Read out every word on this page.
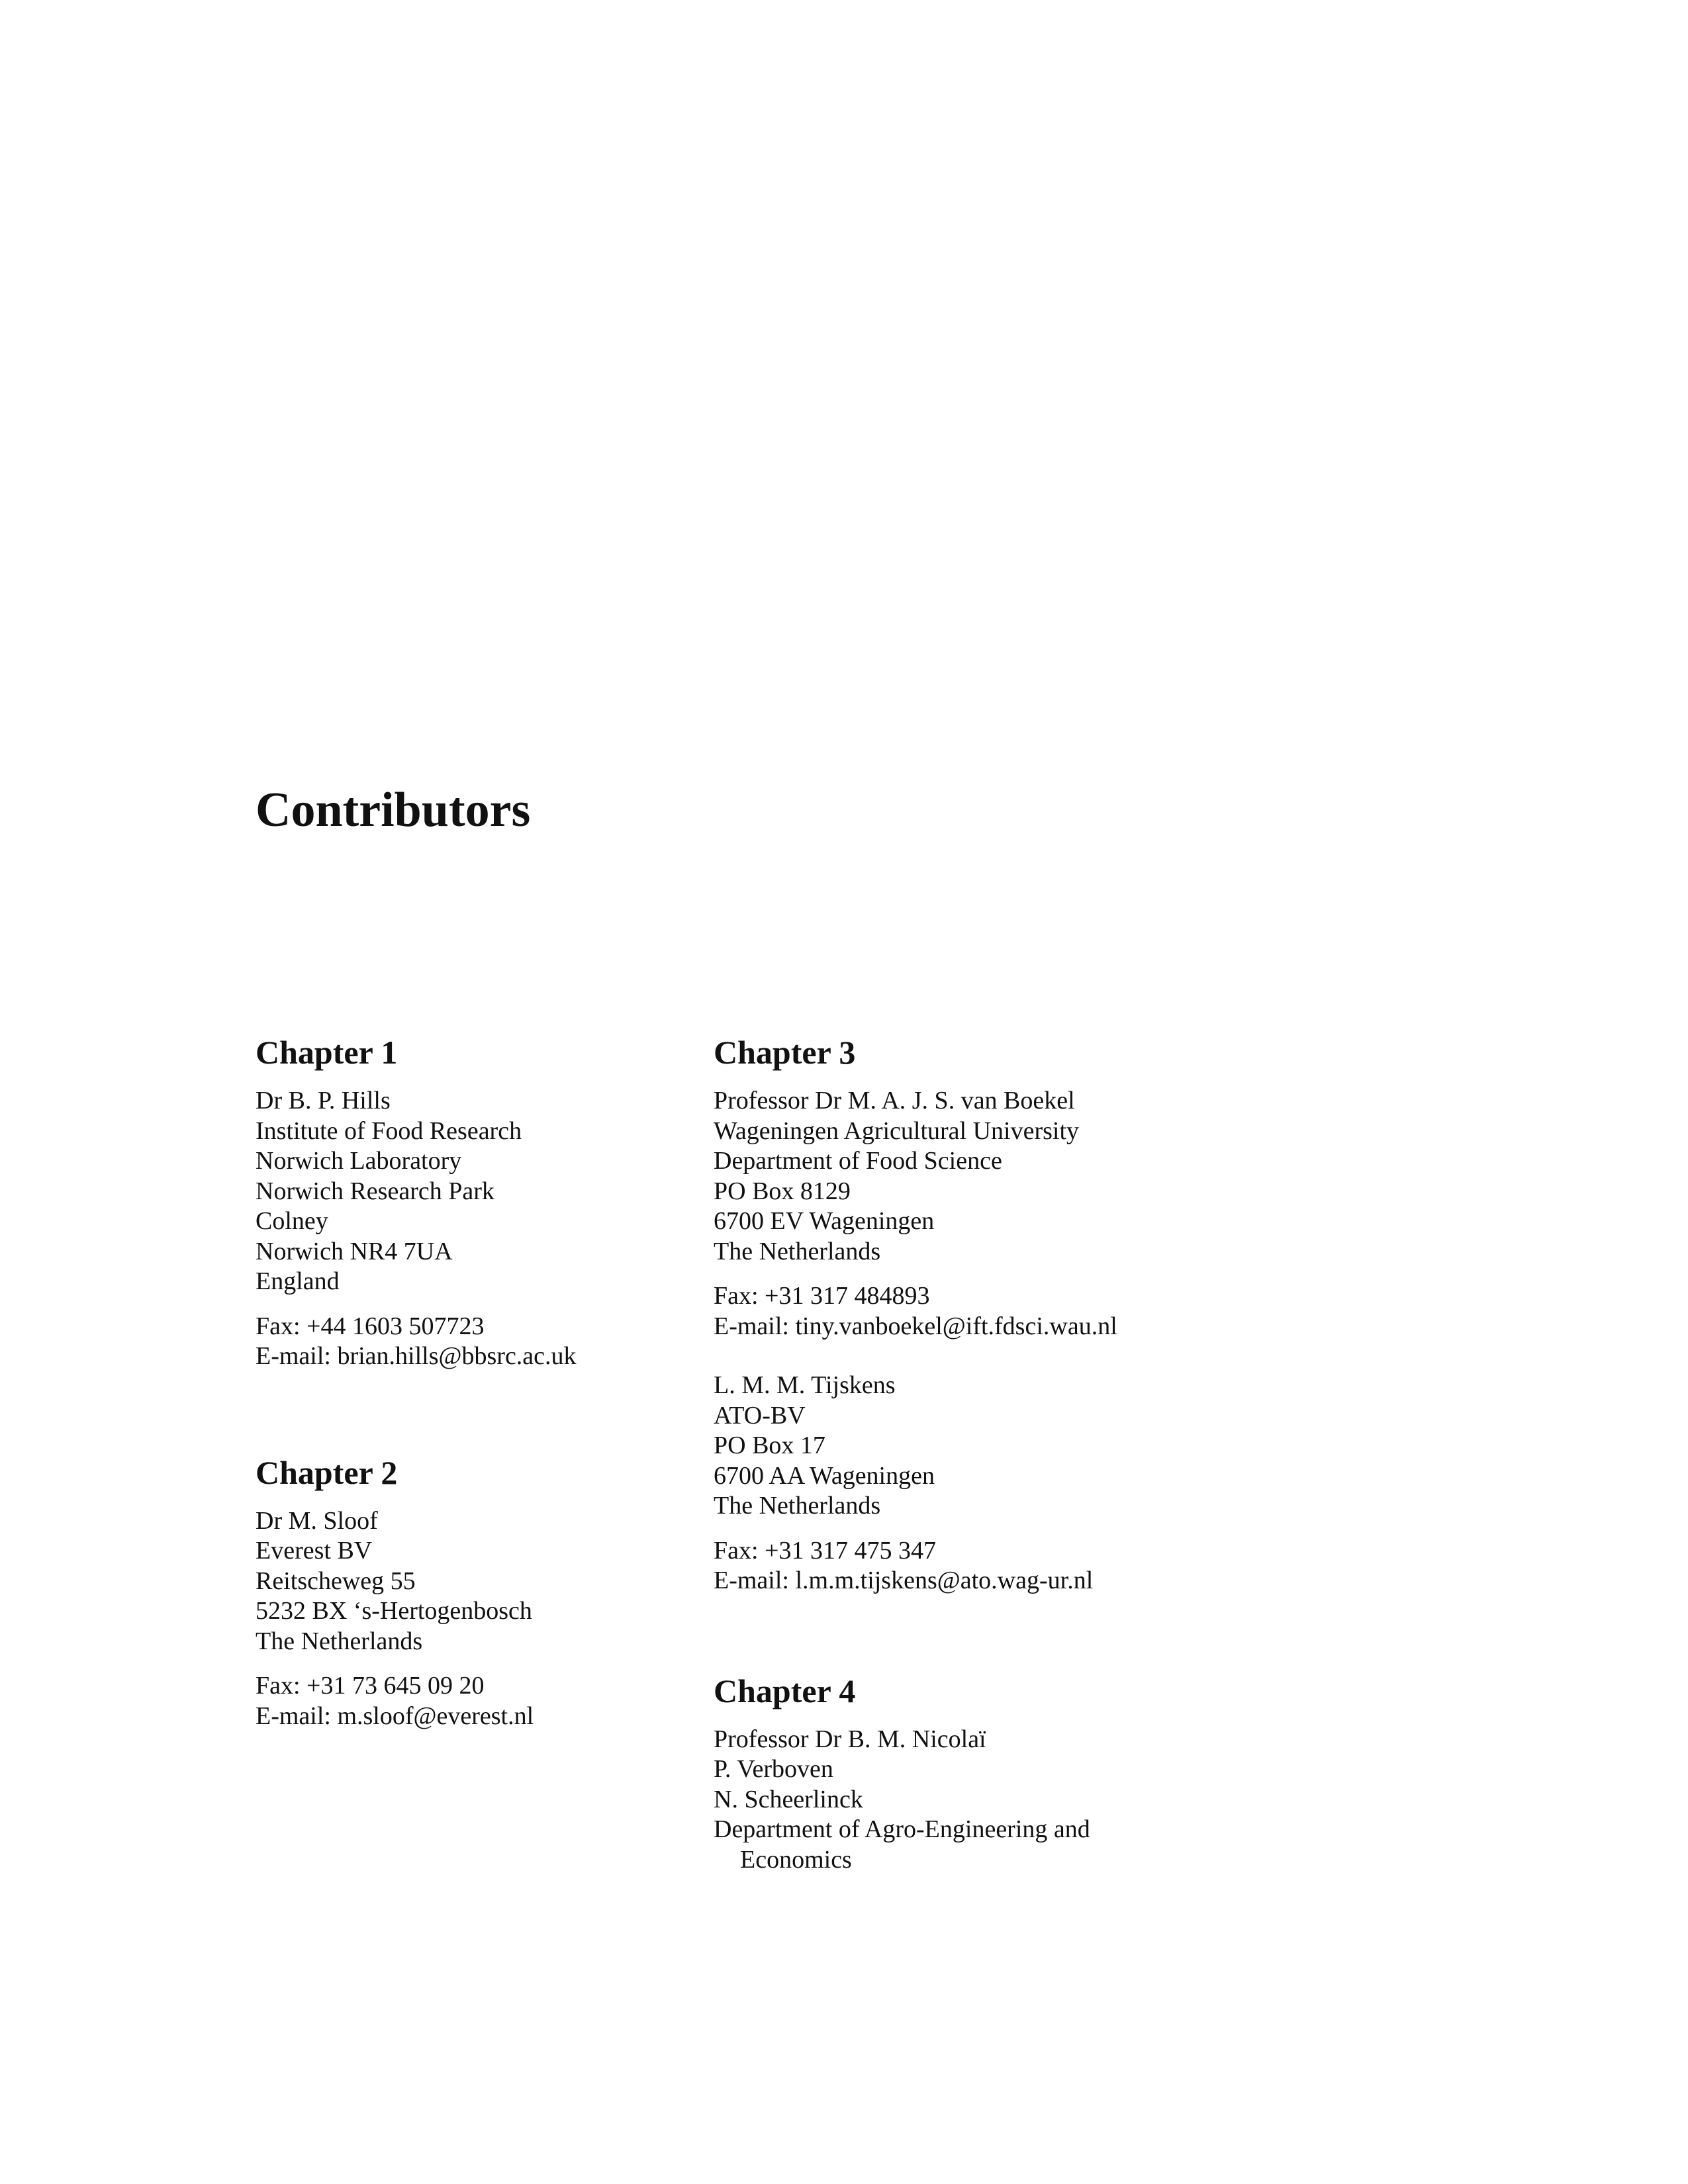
Contributors
Chapter 1
Dr B. P. Hills
Institute of Food Research
Norwich Laboratory
Norwich Research Park
Colney
Norwich NR4 7UA
England
Fax: +44 1603 507723
E-mail: brian.hills@bbsrc.ac.uk
Chapter 2
Dr M. Sloof
Everest BV
Reitscheweg 55
5232 BX ‘s-Hertogenbosch
The Netherlands
Fax: +31 73 645 09 20
E-mail: m.sloof@everest.nl
Chapter 3
Professor Dr M. A. J. S. van Boekel
Wageningen Agricultural University
Department of Food Science
PO Box 8129
6700 EV Wageningen
The Netherlands
Fax: +31 317 484893
E-mail: tiny.vanboekel@ift.fdsci.wau.nl
L. M. M. Tijskens
ATO-BV
PO Box 17
6700 AA Wageningen
The Netherlands
Fax: +31 317 475 347
E-mail: l.m.m.tijskens@ato.wag-ur.nl
Chapter 4
Professor Dr B. M. Nicolaï
P. Verboven
N. Scheerlinck
Department of Agro-Engineering and
Economics
